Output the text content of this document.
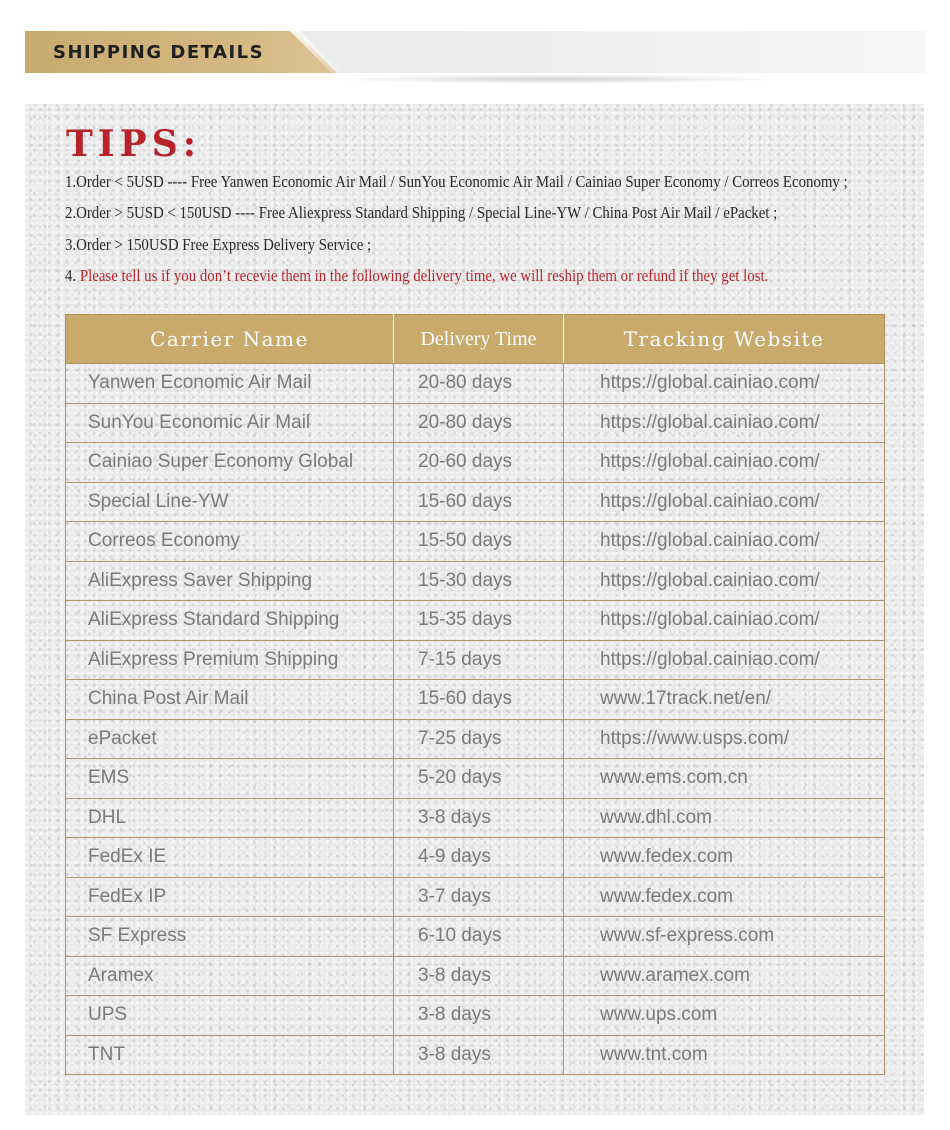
SHIPPING DETAILS
TIPS:

1.Order < 5USD ---- Free Yanwen Economic Air Mail / SunYou Economic Air Mail / Cainiao Super Economy / Correos Economy ;

2.Order > 5USD < 150USD ---- Free Aliexpress Standard Shipping / Special Line-YW / China Post Air Mail / ePacket ;

3.Order > 150USD Free Express Delivery Service ;

4. Please tell us if you don’t recevie them in the following delivery time, we will reship them or refund if they get lost.

Carrier Name	Delivery Time	Tracking Website
Yanwen Economic Air Mail	20-80 days	https://global.cainiao.com/
SunYou Economic Air Mail	20-80 days	https://global.cainiao.com/
Cainiao Super Economy Global	20-60 days	https://global.cainiao.com/
Special Line-YW	15-60 days	https://global.cainiao.com/
Correos Economy	15-50 days	https://global.cainiao.com/
AliExpress Saver Shipping	15-30 days	https://global.cainiao.com/
AliExpress Standard Shipping	15-35 days	https://global.cainiao.com/
AliExpress Premium Shipping	7-15 days	https://global.cainiao.com/
China Post Air Mail	15-60 days	www.17track.net/en/
ePacket	7-25 days	https://www.usps.com/
EMS	5-20 days	www.ems.com.cn
DHL	3-8 days	www.dhl.com
FedEx IE	4-9 days	www.fedex.com
FedEx IP	3-7 days	www.fedex.com
SF Express	6-10 days	www.sf-express.com
Aramex	3-8 days	www.aramex.com
UPS	3-8 days	www.ups.com
TNT	3-8 days	www.tnt.com
